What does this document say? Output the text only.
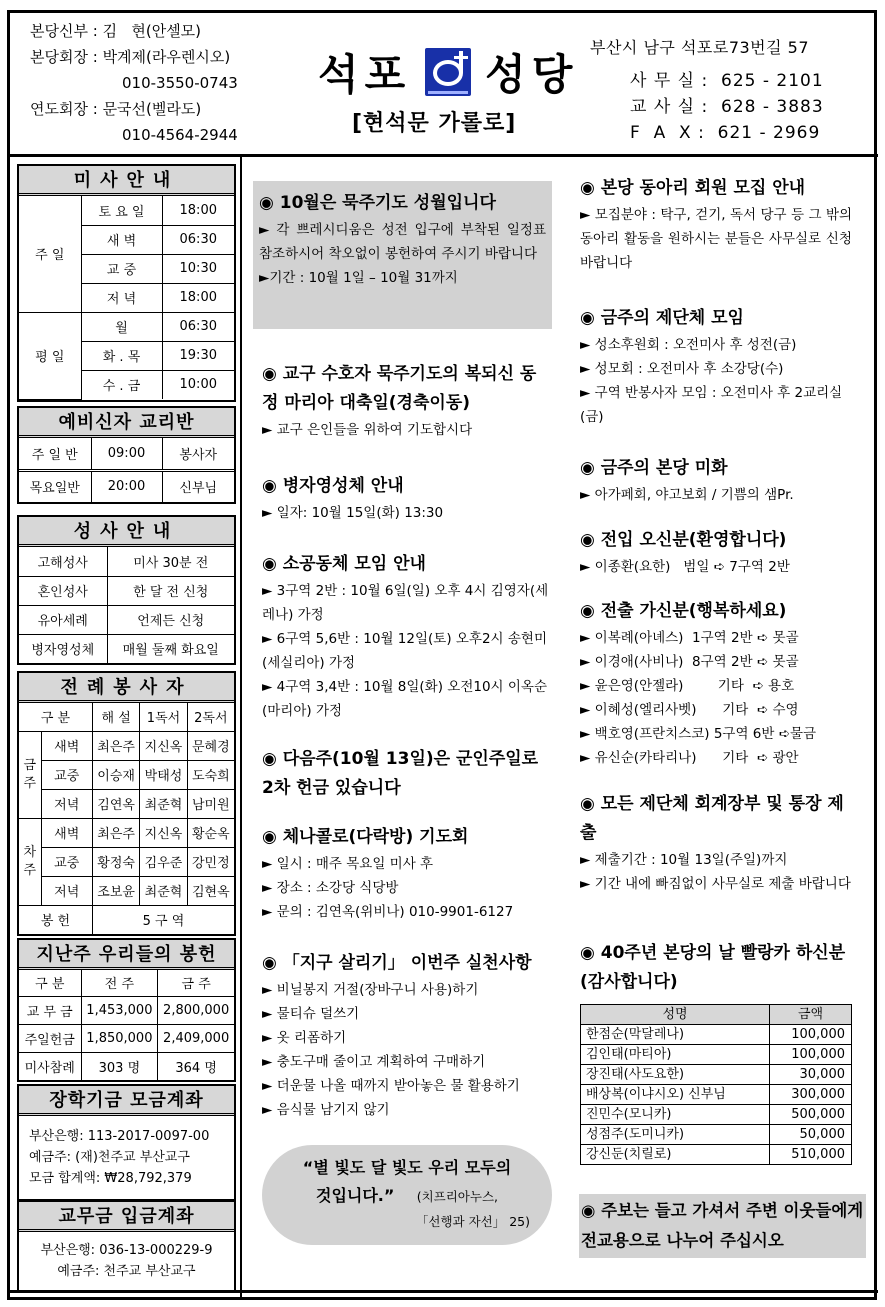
본당신부 : 김   현(안셀모)
본당회장 : 박계제(라우렌시오)
010-3550-0743
연도회장 : 문국선(벨라도)
010-4564-2944
석포 성당
[현석문 가롤로]
부산시 남구 석포로73번길 57
사 무 실 :  625 - 2101
교 사 실 :  628 - 3883
F  A  X :  621 - 2969
미사안내
주 일	토 요 일	18:00
	새 벽	06:30
	교 중	10:30
	저 녁	18:00
평 일	월	06:30
	화 . 목	19:30
	수 . 금	10:00
예비신자 교리반
주 일 반	09:00	봉사자
목요일반	20:00	신부님
성사안내
고해성사	미사 30분 전
혼인성사	한 달 전 신청
유아세례	언제든 신청
병자영성체	매월 둘째 화요일
전례봉사자
구 분		해 설	1독서	2독서
금주	새벽	최은주	지신옥	문혜경
	교중	이승재	박태성	도숙희
	저녁	김연옥	최준혁	남미원
차주	새벽	최은주	지신옥	황순옥
	교중	황정숙	김우준	강민정
	저녁	조보윤	최준혁	김현옥
봉 헌		5 구 역		
지난주 우리들의 봉헌
구 분	전 주	금 주
교 무 금	1,453,000	2,800,000
주일헌금	1,850,000	2,409,000
미사참례	303 명	364 명
장학기금 모금계좌
부산은행: 113-2017-0097-00
예금주: (재)천주교 부산교구
모금 합계액: ₩28,792,379
교무금 입금계좌
부산은행: 036-13-000229-9
예금주: 천주교 부산교구
◉ 10월은 묵주기도 성월입니다
► 각 쁘레시디움은 성전 입구에 부착된 일정표 참조하시어 착오없이 봉헌하여 주시기 바랍니다
►기간 : 10월 1일 – 10월 31까지
◉ 교구 수호자 묵주기도의 복되신 동정 마리아 대축일(경축이동)
► 교구 은인들을 위하여 기도합시다
◉ 병자영성체 안내
► 일자: 10월 15일(화) 13:30
◉ 소공동체 모임 안내
► 3구역 2반 : 10월 6일(일) 오후 4시 김영자(세레나) 가정
► 6구역 5,6반 : 10월 12일(토) 오후2시 송현미(세실리아) 가정
► 4구역 3,4반 : 10월 8일(화) 오전10시 이옥순(마리아) 가정
◉ 다음주(10월 13일)은 군인주일로 2차 헌금 있습니다
◉ 체나콜로(다락방) 기도회
► 일시 : 매주 목요일 미사 후
► 장소 : 소강당 식당방
► 문의 : 김연옥(위비나) 010-9901-6127
◉ 「지구 살리기」 이번주 실천사항
► 비닐봉지 거절(장바구니 사용)하기
► 물티슈 덜쓰기
► 옷 리폼하기
► 충도구매 줄이고 계획하여 구매하기
► 더운물 나올 때까지 받아놓은 물 활용하기
► 음식물 남기지 않기
“별 빛도 달 빛도 우리 모두의
것입니다.” (치프리아누스,
「선행과 자선」 25)
◉ 본당 동아리 회원 모집 안내
► 모집분야 : 탁구, 걷기, 독서 당구 등 그 밖의 동아리 활동을 원하시는 분들은 사무실로 신청 바랍니다
◉ 금주의 제단체 모임
► 성소후원회 : 오전미사 후 성전(금)
► 성모회 : 오전미사 후 소강당(수)
► 구역 반봉사자 모임 : 오전미사 후 2교리실(금)
◉ 금주의 본당 미화
► 아가페회, 야고보회 / 기쁨의 샘Pr.
◉ 전입 오신분(환영합니다)
► 이종환(요한)   범일 ➪ 7구역 2반
◉ 전출 가신분(행복하세요)
► 이복례(아녜스)  1구역 2반 ➪ 못골
► 이경애(사비나)  8구역 2반 ➪ 못골
► 윤은영(안젤라)        기타  ➪ 용호
► 이혜성(엘리사벳)      기타  ➪ 수영
► 백호영(프란치스코) 5구역 6반 ➪물금
► 유신순(카타리나)      기타  ➪ 광안
◉ 모든 제단체 회계장부 및 통장 제출
► 제출기간 : 10월 13일(주일)까지
► 기간 내에 빠짐없이 사무실로 제출 바랍니다
◉ 40주년 본당의 날 빨랑카 하신분 (감사합니다)
성명	금액
한점순(막달레나)	100,000
김인태(마티아)	100,000
장진태(사도요한)	30,000
배상복(이냐시오) 신부님	300,000
진민수(모니카)	500,000
성점주(도미니카)	50,000
강신둔(치릴로)	510,000
◉ 주보는 들고 가셔서 주변 이웃들에게 전교용으로 나누어 주십시오
